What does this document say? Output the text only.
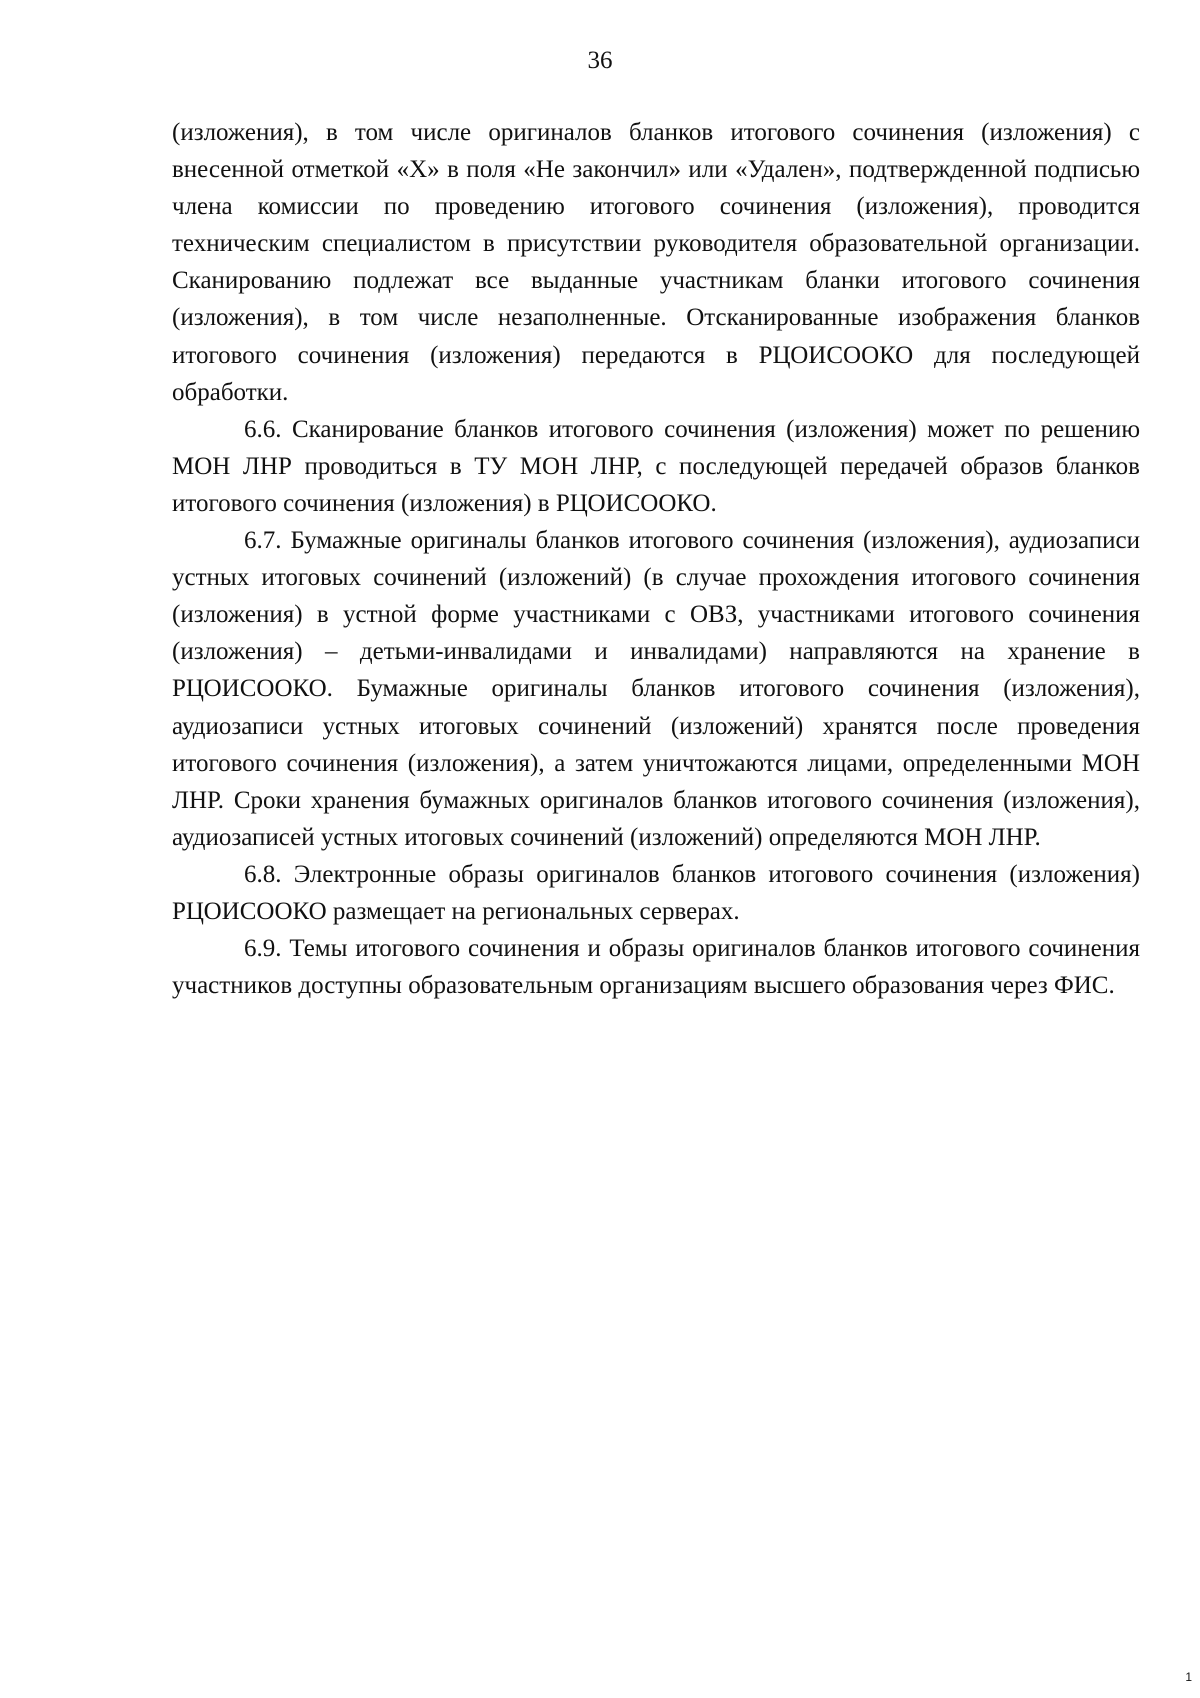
36

(изложения), в том числе оригиналов бланков итогового сочинения (изложения) с внесенной отметкой «X» в поля «Не закончил» или «Удален», подтвержденной подписью члена комиссии по проведению итогового сочинения (изложения), проводится техническим специалистом в присутствии руководителя образовательной организации. Сканированию подлежат все выданные участникам бланки итогового сочинения (изложения), в том числе незаполненные. Отсканированные изображения бланков итогового сочинения (изложения) передаются в РЦОИСООКО для последующей обработки.

6.6. Сканирование бланков итогового сочинения (изложения) может по решению МОН ЛНР проводиться в ТУ МОН ЛНР, с последующей передачей образов бланков итогового сочинения (изложения) в РЦОИСООКО.

6.7. Бумажные оригиналы бланков итогового сочинения (изложения), аудиозаписи устных итоговых сочинений (изложений) (в случае прохождения итогового сочинения (изложения) в устной форме участниками с ОВЗ, участниками итогового сочинения (изложения) – детьми-инвалидами и инвалидами) направляются на хранение в РЦОИСООКО. Бумажные оригиналы бланков итогового сочинения (изложения), аудиозаписи устных итоговых сочинений (изложений) хранятся после проведения итогового сочинения (изложения), а затем уничтожаются лицами, определенными МОН ЛНР. Сроки хранения бумажных оригиналов бланков итогового сочинения (изложения), аудиозаписей устных итоговых сочинений (изложений) определяются МОН ЛНР.

6.8. Электронные образы оригиналов бланков итогового сочинения (изложения) РЦОИСООКО размещает на региональных серверах.

6.9. Темы итогового сочинения и образы оригиналов бланков итогового сочинения участников доступны образовательным организациям высшего образования через ФИС.

1
